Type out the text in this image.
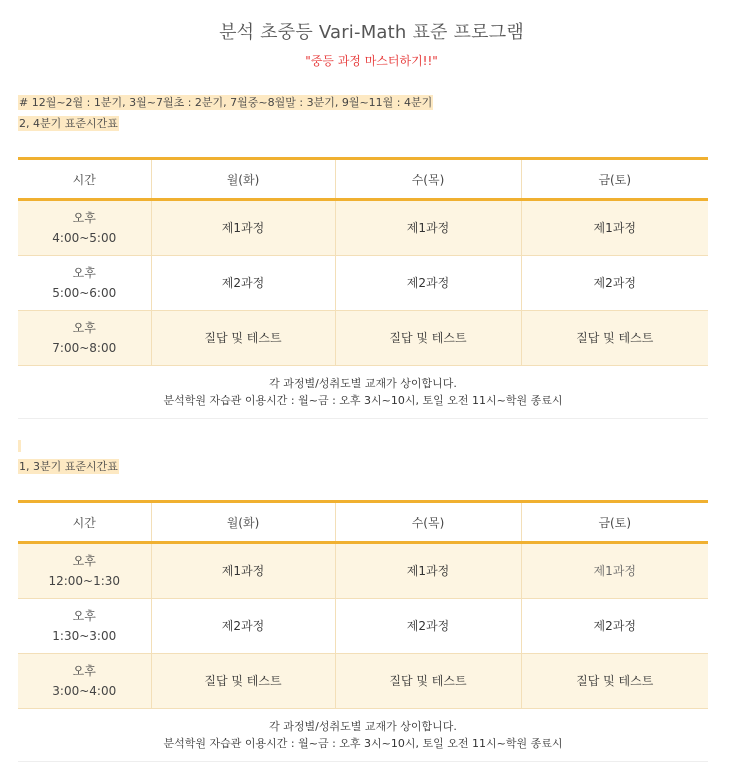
분석 초중등 Vari-Math 표준 프로그램
"중등 과정 마스터하기!!"
# 12월~2월 : 1분기, 3월~7월초 : 2분기, 7월중~8월말 : 3분기, 9월~11월 : 4분기
2, 4분기 표준시간표
시간	월(화)	수(목)	금(토)
오후
4:00~5:00	제1과정	제1과정	제1과정
오후
5:00~6:00	제2과정	제2과정	제2과정
오후
7:00~8:00	질답 및 테스트	질답 및 테스트	질답 및 테스트
각 과정별/성취도별 교재가 상이합니다.
분석학원 자습관 이용시간 : 월~금 : 오후 3시~10시, 토일 오전 11시~학원 종료시			
1, 3분기 표준시간표
시간	월(화)	수(목)	금(토)
오후
12:00~1:30	제1과정	제1과정	제1과정
오후
1:30~3:00	제2과정	제2과정	제2과정
오후
3:00~4:00	질답 및 테스트	질답 및 테스트	질답 및 테스트
각 과정별/성취도별 교재가 상이합니다.
분석학원 자습관 이용시간 : 월~금 : 오후 3시~10시, 토일 오전 11시~학원 종료시			
